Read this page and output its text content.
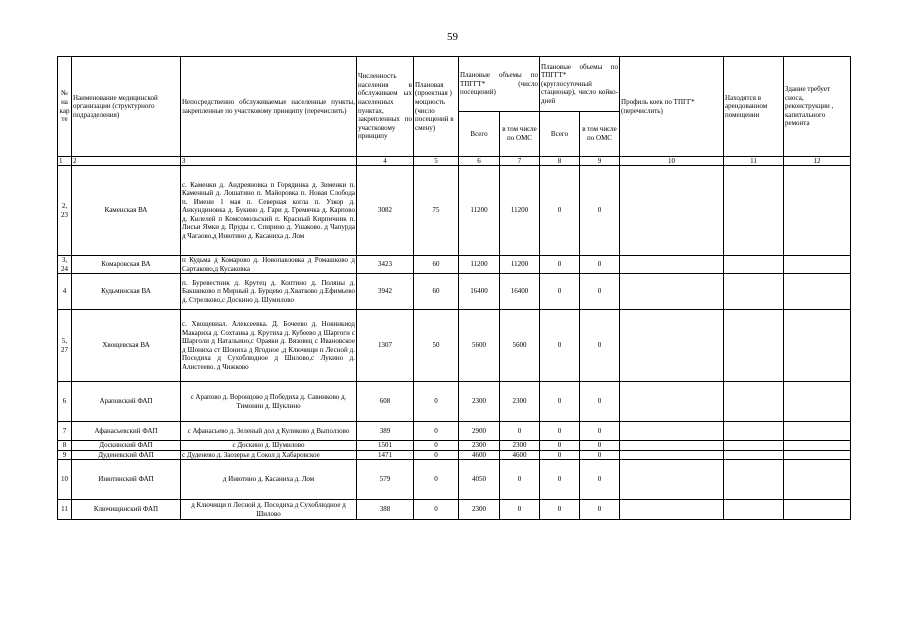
59
№ на кар те	Наименование медицинской организации (структурного подразделения)	Непосредственно обслуживаемые населенные пункты, закрепленные по участковому принципу (перечислить)	Численность населения в обслуживаем ых населенных пунктах, закрепленных по участковому принципу	Плановая (проектная ) мощность (число посещений в смену)	Плановые объемы по ТПГГТ* (число посещений)		Плановые объемы по ТПГГТ* (круглосуточный стационар), число койко-дней		Профиль коек по ТПГГ* (перечислить)	Находятся в арендованном помещении	Здание требует сноса, реконструкции , капитального ремонта
					Всего	в том числе по ОМС	Всего	в том числе по ОМС			
1	2	3	4	5	6	7	8	9	10	11	12
2, 23	Каменская ВА	с. Каменки д. Андреяновка п Горядинка д. Зименки п. Каменный д. Лошатино п. Майоровка п. Новая Слобода п. Имени 1 мая п. Северная когла п. Узкор д. Анкундиновка д. Букино д. Гари д. Гремячка д. Карпово д. Килелей п Комсомольский п. Красный Кирпичник п. Лисьи Ямки д. Пруды с. Спирино д. Ушаково. д Чапурда д Чагаово,д Инютино д. Касаниха д. Лом	3082	75	11200	11200	0	0			
3, 24	Комаровская ВА	п Кудьма д Комарово д. Новопавловка д Ромашково д Сартаково,д Кусаковка	3423	60	11200	11200	0	0			
4	Кудьминская ВА	п. Буревестник д. Крутец д. Коптино д. Поляны д. Бакшиково п Мирный д. Бурцево д.Хватково д.Ефимьево д. Стрелково,с Доскино д. Шумилово	3942	60	16400	16400	0	0			
5, 27	Хвощевская ВА	с. Хвощевиал. Алексеевка. Д. Бочеево д. Новинкиод Макариха д. Сохтанка д. Крутиха д. Кубеево д Шаргоги с Шарголи д Натальино,с Ораяки д. Вязовец с Ивановское д Шониха ст Шониха д Ягодное ,д Ключищи п Лесной д. Поседиха д Сухоблюдное д Шилово,с Лукино д. Алистеево. д Чижково	1307	50	5600	5600	0	0			
6	Араповский ФАП	с Арапово д. Воронцово д Победиха д. Савинково д. Тимонин д. Шуклино	608	0	2300	2300	0	0			
7	Афанасьевский ФАП	с Афанасьево д. Зеленый дол д Куликово д Выползово	389	0	2900	0	0	0			
8	Доскинский ФАП	с Доскино д. Шумилово	1501	0	2300	2300	0	0			
9	Дуденевский ФАП	с Дуденево д. Заозерье д Сокол д Хабаровское	1471	0	4600	4600	0	0			
10	Инютинский ФАП	д Инютино д. Касаниха д. Лом	579	0	4050	0	0	0			
11	Ключищинский ФАП	д Ключищи п Лесной д. Поседиха д Сухоблюдное д Шилово	388	0	2300	0	0	0			
